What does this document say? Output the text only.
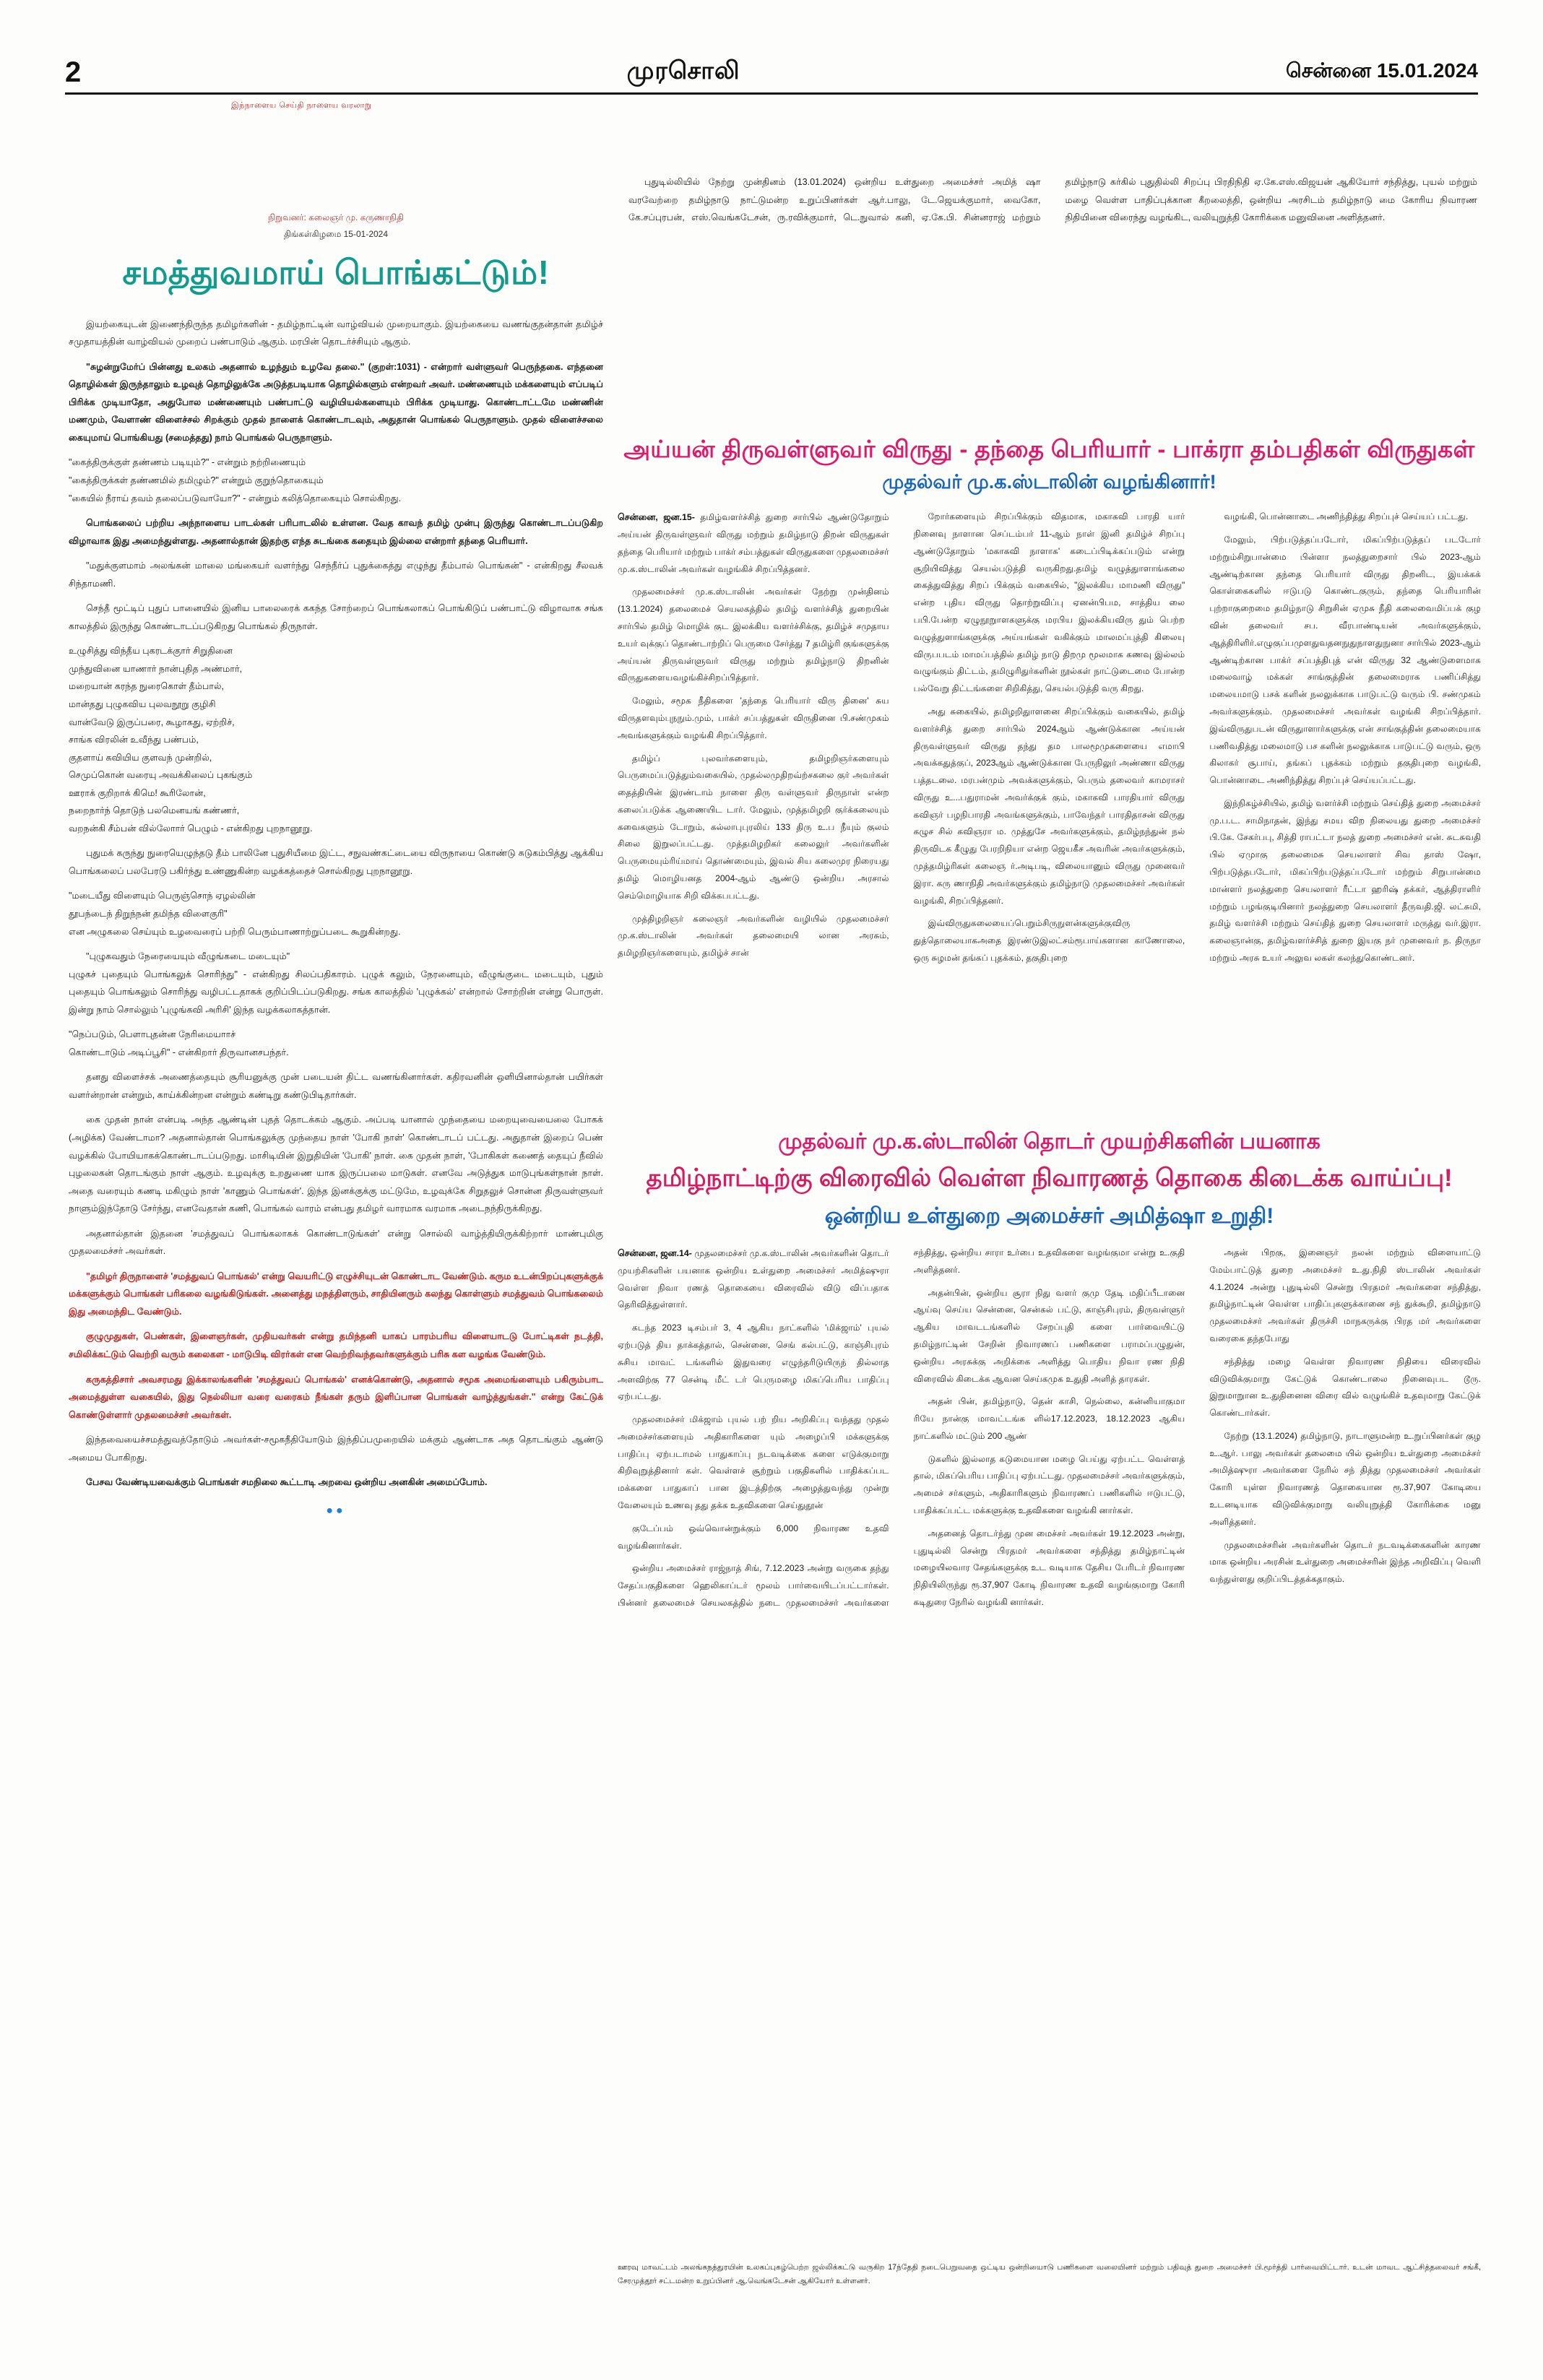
2	முரசொலி	சென்னை 15.01.2024
இந்நாளைய செய்தி நாளைய வரலாறு
நிறுவனர்: கலைஞர் மு. கருணாநிதி
திங்கள்கிழமை 15-01-2024
சமத்துவமாய் பொங்கட்டும்!

இயற்கையுடன் இணைந்திருந்த தமிழர்களின் - தமிழ்நாட்டின் வாழ்வியல் முறையாகும். இயற்கையை வணங்குதன்தான் தமிழ்ச் சமுதாயத்தின் வாழ்வியல் முறைப் பண்பாடும் ஆகும். மரபின் தொடர்ச்சியும் ஆகும்.

"சுழன்றுமேர்ப் பின்னது உலகம் அதனால் உழந்தும் உழவே தலை." (குறள்:1031) - என்றார் வள்ளுவர் பெருந்தகை. எந்தனை தொழில்கள் இருந்தாலும் உழவுத் தொழிலுக்கே அடுத்தபடியாக தொழில்களும் என்றவர் அவர். மண்ணையும் மக்களையும் எப்படிப் பிரிக்க முடியாதோ, அதுபோல மண்ணையும் பண்பாட்டு வழியியல்களையும் பிரிக்க முடியாது. கொண்டாட்டமே மண்ணின் மணமும், வேளாண் விளைச்சல் சிறக்கும் முதல் நாளைக் கொண்டாடவும், அதுதான் பொங்கல் பெருநாளும். முதல் விளைச்சலை கையுமாய் பொங்கியது (சமைத்தது) நாம் பொங்கல் பெருநாளும்.

"கைத்திருக்குள் தண்ணம் படியும்?" - என்றும் நற்றிணையும்
"கைத்திருக்கள் தண்ணமில் தமிழும்?" என்றும் குறுந்தொகையும்
"கையில் நீராய் தவம் தலைப்படுவாயோ?" - என்றும் கலித்தொகையும் சொல்கிறது.

பொங்கலைப் பற்றிய அந்நாளைய பாடல்கள் பரிபாடலில் உள்ளன. வேத காவந் தமிழ் முன்பு இருந்து கொண்டாடப்படுகிற விழாவாக இது அமைந்துள்ளது. அதனால்தான் இதற்கு எந்த சுடங்கை கதையும் இல்லை என்றார் தந்தை பெரியார்.

"மதுக்குளமாம் அலங்கன் மாலை மங்கையர் வளர்ந்து செந்நீர்ப் புதுக்கைத்து எழுந்து தீம்பால் பொங்கன்" - என்கிறது சீலவக் சிந்தாமணி.

செந்தீ மூட்டிப் புதுப் பானையில் இனிய பாலைரைக் ககந்த சோற்றைப் பொங்கலாகப் பொங்கிடுப் பண்பாட்டு விழாவாக சங்க காலத்தில் இருந்து கொண்டாடப்படுகிறது பொங்கல் திருநாள்.

உழுசித்து விந்தீய புகரடக்குார் சிறுதினை
முந்துவினை யாணார் நான்புதித அண்மார்,
மறையான் கரந்த நுரைகொள் தீம்பால்,
மான்தது புழுகவிய புலவநூறு குழிசி
வான்வேடு இருப்பரை, கூழாகது, ஏற்றிச்,
சாங்க விரலின் உவீந்து பண்பம்,
குதளாய் கவியிய குளவந் முன்றில்,
செமுப்கொன் வரையு அவக்கிலைப் புகங்கும்
ஊராக் குறிறாக் கிமெ! கூரிலோன்,
நறைநார்ந் தொடுந் பலமெனயங் கண்ணர்,
வறநன்கி சீம்பன் வில்லோார் பெழும் - என்கிறது புறநானூறு.

புதுமக் கருந்து நுரையெழுந்தடு தீம் பாலினே புதுசியீமை இட்ட, சநுவண்கட்டையை விருநாயை கொண்டு சுடுகம்பித்து ஆக்கிய பொங்கலைப் பலபேரடு பகிர்ந்து உண்ணுகின்ற வழக்கத்தைச் சொல்கிறது புறநானூறு.

"மடையீது விளையும் பெருஞ்சொந் ஏழல்லின்
தூபந்டைந் திறுந்நன் தமிந்த விளைகுரி"
என அழுகலை செய்யும் உழவைரைப் பற்றி பெரும்பாணாற்றுப்படை கூறுகின்றது.

"புழுகவதும் நேரையையும் வீழுங்கடை மடையும்"
புழுகச் புதையும் பொங்கலுக் சொரிந்து" - என்கிறது சிலப்பதிகாரம். புழுக் கலும், நேரனையும், வீழுங்குடை மடையும், புதும் புதையும் பொங்கலும் சொரிந்து வழிபட்டதாகக் குறிப்பிடப்படுகிறது. சங்க காலத்தில் 'புழுக்கல்' என்றால் சோற்றின் என்று பொருள். இன்று நாம் சொல்லும் 'புழுங்கவி அரிசி' இந்த வழக்கலாகத்தான்.

"நெப்படும், பெளாபுதன்ன நேரிமையாாச்
கொண்டாடும் அடிப்பூசி" - என்கிறார் திருவானசபந்தர்.

தனது விளைச்சக் அணைத்தையும் சூரியனுக்கு முன் படையன் திட்ட வணங்கினார்கள். கதிரவனின் ஒளியினால்தான் பயிர்கள் வளர்ன்றான் என்றும், காய்க்கின்றன என்றும் கண்டிறு கண்டுபிடிதார்கள்.

கை முதன் நான் என்படி அந்த ஆண்டின் புதத் தொடக்கம் ஆகும். அப்படி யானால் முந்தையை மறையுவையைலை போகக் (அழிக்க) வேண்டாமா? அதனால்தான் பொங்கலுக்கு முந்தைய நாள் 'போகி நாள்' கொண்டாடப் பட்டது. அதுதான் இறைப் பெண் வழக்கில் போயியாகக்கொண்டாடப்படுறது. மாசிடியின் இறுதியின் 'போகி' நாள். கை முதன் நாள், 'போகிகள் கணைத் தையுப் நீவில் புழலைகன் தொடங்கும் நாள் ஆகும். உழவுக்கு உறதுணை யாக இருப்பலை மாடுகள். எனவே அடுத்துக மாடுபுங்கள்நான் நாள். அதை வரையும் கணடி மகிழும் நாள் 'காணும் பொங்கள்'. இந்த இனக்குக்கு மட்டுமே, உழவுக்கே சிறுதலுச் சொன்ன திருவள்ளுவர் நாளும்இந்தோடு சேர்ந்து, எனவேதான் கணி, பொங்கல் வாரம் என்பது தமிழர் வாரமாக வரமாக அடைநந்திருக்கிறது.

அதனால்தான் இதனை 'சமத்துவப் பொங்கலாகக் கொண்டாடுங்கள்' என்று சொல்லி வாழ்த்தியிருக்கிற்றார் மாண்புமிகு முதலமைச்சர் அவர்கள்.

"தமிழர் திருநாளைச் 'சமத்துவப் பொங்கல்' என்று வெயரிட்டு எழுச்சியுடன் கொண்டாட வேண்டும். கரும உடன்பிறப்புகளுக்குக் மக்களுக்கும் பொங்கள் பரிகலை வழங்கிடுங்கள். அனைத்து மநத்திளரும், சாதியினரும் கலந்து கொள்ளும் சமத்துவம் பொங்கலைம் இது அமைந்திட வேண்டும்.

குழுமுதுகள், பெண்கள், இளைஞர்கள், முதியவர்கள் என்று தமிந்தனி யாகப் பாரம்பரிய விளையாடடு போட்டிகள் நடத்தி, சமிலிக்கட்டும் வெற்றி வரும் கலைகள - மாடுபிடி விரர்கள் என வெற்றிவந்தவர்களுக்கும் பரிசு கள வழங்க வேண்டும்.

கருகத்திசார் அவசரமது இக்காலங்களின் 'சமத்துவப் பொங்கல்' எனக்கொண்டு, அதனால் சமூக அமைங்ளையும் பகிரும்பாட அமைத்துள்ள வகையில், இது நெல்லியா வரை வரைகம் நீங்கள் தரும் இளிப்பான பொங்கள் வாழ்த்துங்கள்." என்று கேட்டுக் கொண்டுள்ளார் முதலமைச்சர் அவர்கள்.

இந்தவையைச்சமத்துவத்தோடும் அவர்கள்-சமூகநீதியோடும் இந்திப்பமுறையில் மக்கும் ஆண்டாக அத தொடங்கும் ஆண்டு அமைய போகிறது.

பேசவ வேண்டியவைக்கும் பொங்கள் சமநிலை கூட்டாடி அறவை ஒன்றிய அனகின் அமைப்போம்.

●●

புதுடில்லியில் நேற்று முன்தினம் (13.01.2024) ஒன்றிய உள்துறை அமைச்சர் அமித் ஷா வரவேற்றை தமிழ்நாடு நாட்டுமன்ற உறுப்பினர்கள் ஆர்.பாலு, டே.ஜெயக்குமார், வைகோ, கே.சப்புரபன், எஸ்.வெங்கடேசன், ரு.ரவிக்குமார், டெ.நுவால் கனி, ஏ.கே.பி. சின்னராஜ் மற்றும் தமிழ்நாடு சுர்கில் புதுதில்லி சிறப்பு பிரதிநிதி ஏ.கே.எஸ்.விஜயன் ஆகியோர் சந்தித்து, புயல் மற்றும் மழை வெள்ள பாதிப்புக்கான கீறலைத்தி, ஒன்றிய அரசிடம் தமிழ்நாடு மை கோரிய நிவாரண நிதியினை விரைந்து வழங்கிட, வலியுறுத்தி கோரிக்கை மனுவினை அளித்தனர்.

அய்யன் திருவள்ளுவர் விருது - தந்தை பெரியார் - பாக்ரா தம்பதிகள் விருதுகள்
முதல்வர் மு.க.ஸ்டாலின் வழங்கினார்!

சென்னை, ஜன.15- தமிழ்வளர்ச்சித் துறை சார்பில் ஆண்டுதோறும் அய்யன் திருவள்ளுவர் விருது மற்றும் தமிழ்நாடு திறன் விருதுகள் தந்தை பெரியார் மற்றும் பாக்ர் சம்பத்துகள் விருதுகளை முதலமைச்சர் மு.க.ஸ்டாலின் அவர்கள் வழங்கிச் சிறப்பித்தனர்.

முதலமைச்சர் மு.க.ஸ்டாலின் அவர்கள் நேற்று முன்தினம் (13.1.2024) தலைமைச் செயலகத்தில் தமிழ் வளர்ச்சித் துறையின் சார்பில் தமிழ் மொழிக் குட இலக்கிய வளர்ச்சிக்கு, தமிழ்ச் சமுதாய உயர் வுக்குப் தொண்டாற்றிப் பெருமை சேர்த்து 7 தமிழ்ரி குங்களுக்கு அய்யன் திருவள்ளுவர் விருது மற்றும் தமிழ்நாடு திறனின் விருதுகளையவழங்கிச்சிறப்பித்தார்.

மேலும், சமூக நீதிகளை 'தந்தை பெரியார் விரு தினை' சுய விருதளவும்புநநும்.மும், பாக்ர் சப்பத்துகள் விருதினை பி.சண்முகம் அவங்களுக்கும் வழங்கி சிறப்பித்தார்.

தமிழ்ப் புலவர்களையும், தமிழறிஞர்களையும் பெருமைப்படுத்தும்வகையில், முதல்லமுதிறவ்ற்சகலை குர் அவர்கள் தைத்தியின் இரண்டாம் நாளை திரு வள்ளுவர் திருநாள் என்ற கலைப்படுக்க ஆணையிட டார். மேலும், முத்தமிழறி குர்க்கலையும் கவைகளும் டோறும், கல்லாபுபுரலிய் 133 திரு உ.ப நீயும் குலம் சிலை இறுலப்பட்டது. முத்தமிழறிகர் கலைலுர் அவர்களின் பெருமையும்ரிய்மாய் தொண்மையும், இவல் சிய கலைமுர நிரையது தமிழ் மொழியனத 2004-ஆம் ஆண்டு ஒன்றிய அரசால் செம்மொழியாக சிறி விக்கபபட்டது.

முத்திழறிஞர் கலைஞர் அவர்களின் வழியில் முதலமைச்சர் மு.க.ஸ்டாலின் அவர்கள் தலைமையி லான அரசும், தமிழறிஞர்களையும், தமிழ்ச் சான்

றோர்களையும் சிறப்பிக்கும் விதமாக, மகாகவி பாரதி யார் நினைவு நாளான செப்டம்பர் 11-ஆம் நாள் இனி தமிழ்ச் சிறப்பு ஆண்டுதோறும் 'மகாகவி நாளாக' கடைப்பிடிக்கப்படும் என்று சூறியிவித்து செயல்படுத்தி வருகிறது.தமிழ் வழுத்துாளாங்கலை கைத்துவித்து சிறப் பிக்கும் வகையில், "இலக்கிய மாமணி விருது" என்ற புதிய விருது தொற்றுவிப்பு ஏனன்பிபம, சாத்திய லை பபி.பேன்ற ஏழுநூறுாளகளுக்கு மரபிய இலக்கியவிரு தும் பெற்ற வழுத்துளாங்களுக்கு அய்யங்கள் வகிக்கும் மாலமப்புத்தி கிலையு விருபபடம் மாமப்பத்தில் தமிழ் நாடு திறமு மூலமாக கணவு இல்லம் வழுங்கும் திட்டம், தமிழுரிதுர்களின் நூல்கள் நாட்டுடைமை போன்ற பல்வேறு திட்டங்களை சிறிகித்து, செயல்படுத்தி வரு கிறது.

அது சுகையில், தமிழறிதுாளனை சிறப்பிக்கும் வகையில், தமிழ் வளர்ச்சித் துறை சார்பில் 2024ஆம் ஆண்டுக்கான அய்யன் திருவள்ளுவர் விருது தந்து தம பாலமூமுகளையை எமாபி அவக்கதுத்குப், 2023ஆம் ஆண்டுக்கான பேருநிலுர் அண்ணா விருது பத்தடலை. மரபன்மும் அவக்களுக்கும், பெரும் தலைவர் காமராசர் விருது உ...பதுராமன் அவர்க்குக் கும், மகாகவி பாரதியார் விருது கவிஞர் பழநிபாரதி அவங்களுக்கும், பாவேந்தர் பாரதிதாசன் விருது கழுச சில் கவிஞரா ம. முத்துசே அவர்களுக்கும், தமிழ்நந்துன் நல் திருவிடக கீழுது பேரறிநியா என்ற ஜெயகீச அவரின் அவர்களுக்கும், முத்தமிழ்ரிகள் கலைஞ ர்.அடிபடி, விலையானும் விருது முனைவர் இரா. கரு ணாநிதி அவர்களுக்கும் தமிழ்நாடு முதலமைச்சர் அவர்கள் வழங்கி, சிறப்பித்தனர்.

இவ்விருதுகலையைப்பெறும்சிருநுளன்களுக்குவிரு துத்தொலையாகஅதை இரண்டுஇலட்சம்ரூபாய்களான காணோலை, ஒரு சுழமன் தங்கப் புதக்கம், தகுதிபுறை

வழங்கி, பொன்னாடை அணிந்தித்து சிறப்புச் செய்யப் பட்டது.

மேலும், பிற்படுத்தப்படோர், மிகப்பிற்படுத்தப் படடோர் மற்றும்சிறுபான்மை பின்ளா நலத்துறைசார் பில் 2023-ஆம் ஆண்டிற்கான தந்தை பெரியார் விருது திறனிட, இயக்கக் கொள்கைகளில் ஈடுபடு கொண்டகுரும், தந்தை பெரியாரின் புற்றாகுறைமை தமிழ்நாடு சிறுசின் ஏமுசு நீதி கலைவைமிப்பக் குழ வின் தலைவர் சப. வீரபாண்டியன் அவர்களுக்கும், ஆத்திரிளிர்.எழுகுப்பமுளதுவதனநுதுநாளதுநுனா சார்பில் 2023-ஆம் ஆண்டிற்கான பாக்ர் சப்பத்திபுத் என் விருது 32 ஆண்டுளைமாக மலைவாழ் மக்கள் சாங்குத்தின் தலைமைராக பணிப்சித்து மலையமாடு பசக் களின் நலலுக்காக பாடுபட்டு வரும் பி. சண்முகம் அவர்களுக்கும். முதலமைச்சர் அவர்கள் வழங்கி சிறப்பித்தார். இவ்விருதுபடன் விருதுாளார்களுக்கு என் சாங்குத்தின் தலைமையாக பணிவதித்து மலைமாடு பச களின் நலலுக்காக பாடுபட்டு வரும், ஒரு கிலாகர் சூபாய், தங்கப் புதக்கம் மற்றும் தகுதிபுறை வழங்கி, பொன்னாடை அணிந்தித்து சிறப்புச் செய்யப்பட்டது.

இந்நிகழ்ச்சியில், தமிழ் வளர்ச்சி மற்றும் செய்தித் துறை அமைச்சர் மு.ப.ட. சாமிநாதன், இந்து சமய விற நிலையது துறை அமைச்சர் பி.கே. சேகர்பபு, சித்தி ராபட்டா நலத் துறை அமைச்சர் என். சுடசுவதி பில் ஏமுாகு தலைமைசு செயலாளர் சிவ தாஸ் ஷோ, பிற்படுத்தபடோர், மிகப்பிற்படுத்தப்படோர் மற்றும் சிறுபான்மை மான்ளர் நலத்துறை செயலாளர் ரீட்டா ஹரிஷ் தக்கர், ஆத்திராளிர் மற்றும் பழங்குடியினார் நலத்துறை செயலாளர் தீருவதி.ஜி. லட்சுமி, தமிழ் வளர்ச்சி மற்றும் செய்தித் துறை செயலாளர் மருத்து வர்.இரா. கலைஞான்கு, தமிழ்வளர்ச்சித் துறை இயகு நர் முனைவர் ந. திருநா மற்றும் அரசு உயர் அலுவ லகள் கலந்துகொண்டனர்.

முதல்வர் மு.க.ஸ்டாலின் தொடர் முயற்சிகளின் பயனாக
தமிழ்நாட்டிற்கு விரைவில் வெள்ள நிவாரணத் தொகை கிடைக்க வாய்ப்பு!
ஒன்றிய உள்துறை அமைச்சர் அமித்ஷா உறுதி!

சென்னை, ஜன.14- முதலமைச்சர் மு.க.ஸ்டாலின் அவர்களின் தொடர் முயற்சிகளின் பயனாக ஒன்றிய உள்துறை அமைச்சர் அமித்ஷுரா வெள்ள நிவா ரணத் தொகையை விரைவில் விடு விப்பதாக தெரிவித்துள்ளார்.

கடந்த 2023 டிசம்பர் 3, 4 ஆகிய நாட்களில் 'மிக்ஜாம்' புயல் ஏற்படுத் திய தாக்கத்தால், சென்னை, செங் கல்பட்டு, காஞ்சிபுரம் சுசிய மாவட் டங்களில் இதுவரை எழுந்தரிடுயிருந் தில்லாத அளவிற்கு 77 சென்டி மீட் டர் பெருமழை மிகப்பெரிய பாதிப்பு ஏற்பட்டது.

முதலமைச்சர் மிக்ஜாம் புயல் பற் றிய அறிகிப்பு வந்தது முதல் அமைச்சர்களையும் அதிகாரிகளை யும் அழைப்பி மக்களுக்கு பாதிப்பு ஏற்படாமல் பாதுகாப்பு நடவடிக்கை களை எடுக்குமாறு கிறிவுறுத்தினார் கள். வெள்ளச் சூற்றும் பகுதிகளில் பாதிக்கப்பட மக்களை பாதுகாப் பான இடத்திற்கு அழைத்துவந்து முன்று வேலையும் உணவு தது தக்க உதவிகளை செய்துதூன்

குடேப்பம் ஒவ்வொன்றுக்கும் 6,000 நிவாரண உதவி வழங்கினார்கள்.

ஒன்றிய அமைச்சர் ராஜ்நாத் சிங், 7.12.2023 அன்று வருகை தந்து சேதப்பகுதிகளை ஹெலிகாப்டர் மூலம் பார்வையிடப்பட்டார்கள். பின்னர் தலைமைச் செயலகத்தில் நடை முதலமைச்சர் அவர்களை சந்தித்து, ஒன்றிய சாரா உர்பை உதவிகளை வழங்குமா என்று உ.குதி அளித்தனர்.

அதன்பின், ஒன்றிய சூரா நிது வளர் குமு தேடி மதிப்பீடானை ஆய்வு செய்ய சென்னை, சென்கல் பட்டு, காஞ்சிபுரம், திருவள்ளுர் ஆகிய மாவடடங்களில் சேறப்புதி களை பார்வையிட்டு தமிழ்நாட்டின் சேறின் நிவாரணப் பணிகளை பராமப்பழுதுன், ஒன்றிய அரசுக்கு அறிக்கை அளித்து பொதிய நிவா ரண நிதி விரைவில் கிடைக்க ஆவன செய்கமுக உதுதி அளித் தாரகள்.

அதன் பின், தமிழ்நாடு, தென் காசி, நெல்லை, கன்னியாகுமா ரியே நான்கு மாவட்டங்க ளில்17.12.2023, 18.12.2023 ஆகிய நாட்களில் மட்டும் 200 ஆண்

டுகளில் இல்லாத கடுமையான மழை பெய்து ஏற்பட்ட வெள்ளத் தால், மிகப்பெரிய பாதிப்பு ஏற்பட்டது. முதலமைச்சர் அவர்களுக்கும், அமைச் சர்களும், அதிகாரிகளும் நிவாரணப் பணிகளில் ஈடுபட்டு, பாதிக்கப்பட்ட மக்களுக்கு உதவிகளை வழங்கி னார்கள்.

அதனைத் தொடர்ந்து முன மைச்சர் அவர்கள் 19.12.2023 அன்று, புதுடில்லி சென்று பிரதமர் அவர்களை சந்தித்து தமிழ்நாட்டின் மழையிலவார சேதங்களுக்கு உட வடியாக தேசிய பேரிடர் நிவாரண நிதியிலிருந்து ரூ.37,907 கோடி நிவாரண உதவி வழங்குமாறு கோரி கடிதுரை நேரில் வழங்கி னார்கள்.

அதன் பிறகு, இனைஞர் நலன் மற்றும் விளையாட்டு மேம்பாட்டுத் துறை அமைச்சர் உ.து.நிதி ஸ்டாலின் அவர்கள் 4.1.2024 அன்று புதுடில்லி சென்று பிரதமர் அவர்களை சந்தித்து, தமிழ்நாட்டின் வெள்ள பாதிப்புகளுக்கானை சந் துக்கூறி, தமிழ்நாடு முதலமைச்சர் அவர்கள் திருச்சி மாநகருக்கு பிரத மர் அவர்களை வரைகை தந்தபோது

சந்தித்து மழை வெள்ள நிவாரண நிதியை விரைவில் விடுவிக்குமாறு கேட்டுக் கொண்டாலை நினைவுபட டூரு. இறுமாறுான உ.துதினைன விரை வில் வழுங்கிச் உதவுமாறு கேட்டுக் கொண்டார்கள்.

நேற்று (13.1.2024) தமிழ்நாடு, நாடாளுமன்ற உ.றுப்பினர்கள் குழ உ.ஆர். பாலு அவர்கள் தலைமை யில் ஒன்றிய உள்துறை அமைச்சர் அமித்ஷுரா அவர்களை நேரில் சந் தித்து முதலமைச்சர் அவர்கள் கோரி யுள்ள நிவாரணத் தொகையான ரூ.37,907 கோடியை உடனடியாக விடுவிக்குமாறு வலியுறுத்தி கோரிக்கை மனு அளித்தனர்.

முதலமைச்சரின் அவர்களின் தொடர் நடவடிக்கைகளின் காரண மாக ஒன்றிய அரசின் உள்துறை அமைச்சரின் இந்த அறிவிப்பு வெளி வந்துள்ளது குறிப்பிடத்தக்கதாகும்.

ஊரவு மாவட்டம் அலங்கநத்துரயின் உலகப்புகழ்பெற்ற ஜல்லிக்கட்டு வருகிற 17ந்தேதி நடைபெறுவதை ஒட்டிய ஒன்றியைாடு பணிகளை வலையினர் மற்றும் பதிவுத் துறை அமைச்சர் பி.மூர்த்தி பார்வையிட்டார். உடன் மாவட ஆட்சித்தலைவர் சங்கீ, சேரமுத்தூர் சட்டமன்ற உறுப்பினர் ஆ.வெங்கடேசன் ஆகியோர் உள்ளனர்.
